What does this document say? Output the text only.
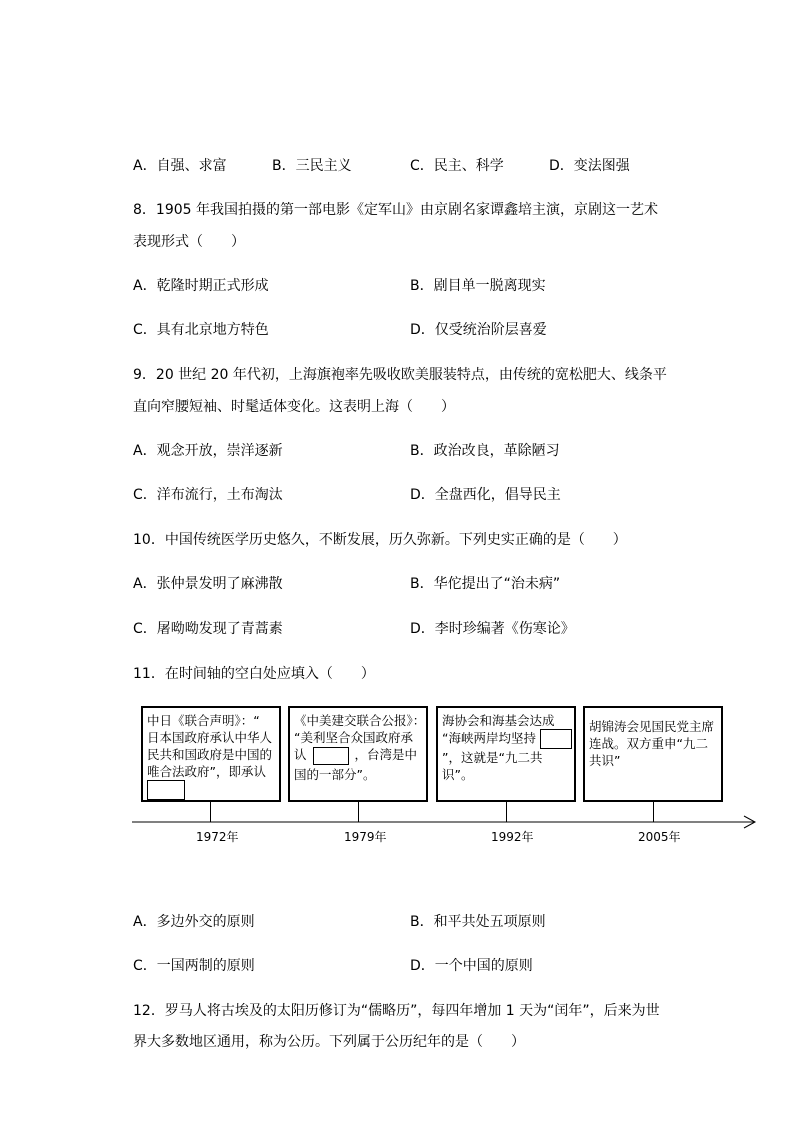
A．自强、求富	B．三民主义	C．民主、科学	D．变法图强
8．1905 年我国拍摄的第一部电影《定军山》由京剧名家谭鑫培主演，京剧这一艺术
表现形式（　　）
A．乾隆时期正式形成	B．剧目单一脱离现实
C．具有北京地方特色	D．仅受统治阶层喜爱
9．20 世纪 20 年代初，上海旗袍率先吸收欧美服装特点，由传统的宽松肥大、线条平
直向窄腰短袖、时髦适体变化。这表明上海（　　）
A．观念开放，崇洋逐新	B．政治改良，革除陋习
C．洋布流行，土布淘汰	D．全盘西化，倡导民主
10．中国传统医学历史悠久，不断发展，历久弥新。下列史实正确的是（　　）
A．张仲景发明了麻沸散	B．华佗提出了“治未病”
C．屠呦呦发现了青蒿素	D．李时珍编著《伤寒论》
11．在时间轴的空白处应填入（　　）
中日《联合声明》：“
日本国政府承认中华人
民共和国政府是中国的
唯合法政府”，即承认
《中美建交联合公报》：
“美利坚合众国政府承
认	，台湾是中
国的一部分”。
海协会和海基会达成
“海峡两岸均坚持
”，这就是“九二共
识”。
胡锦涛会见国民党主席
连战。双方重申“九二
共识”
1972年	1979年	1992年	2005年
A．多边外交的原则	B．和平共处五项原则
C．一国两制的原则	D．一个中国的原则
12．罗马人将古埃及的太阳历修订为“儒略历”，每四年增加 1 天为“闰年”，后来为世
界大多数地区通用，称为公历。下列属于公历纪年的是（　　）
